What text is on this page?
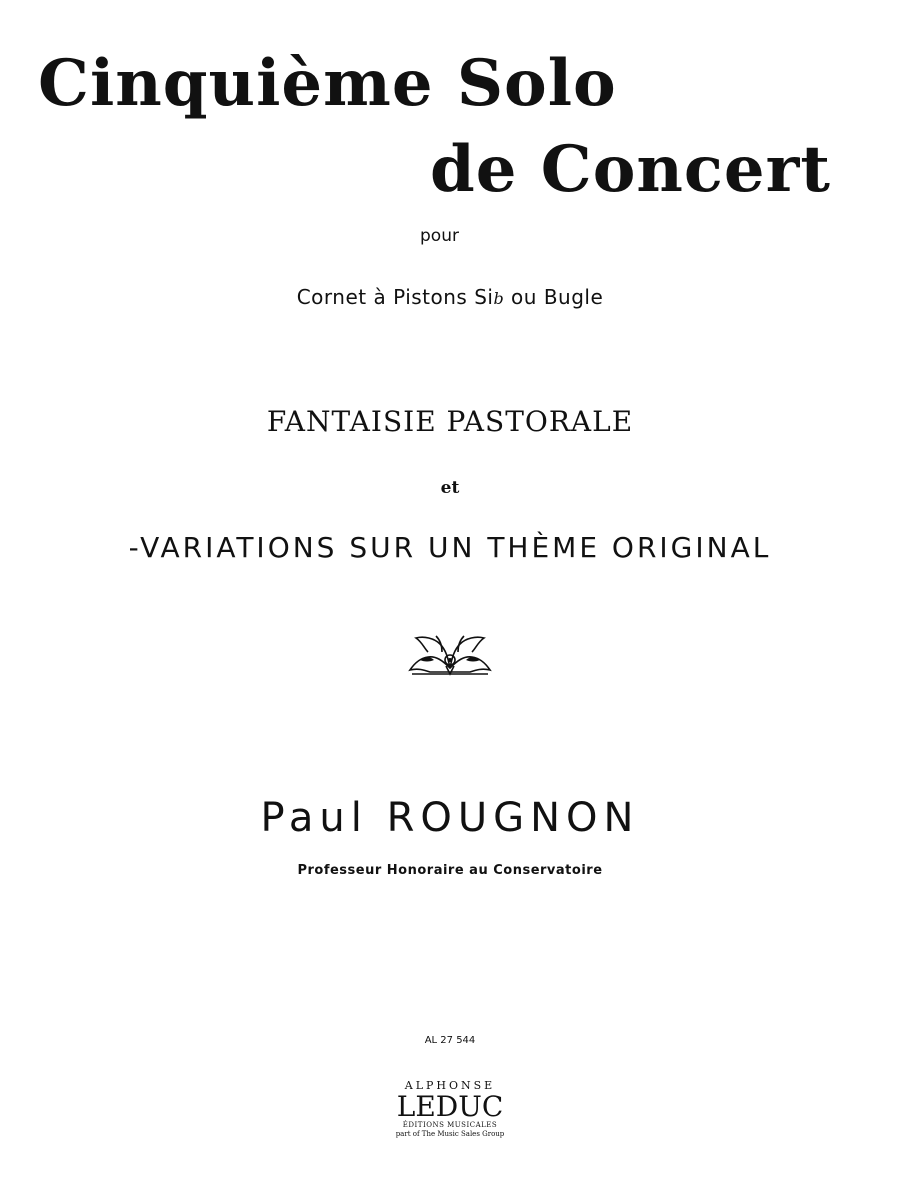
Cinquième Solo
de Concert
pour
Cornet à Pistons Sib ou Bugle
FANTAISIE PASTORALE
et
-VARIATIONS SUR UN THÈME ORIGINAL
Paul ROUGNON
Professeur Honoraire au Conservatoire
AL 27 544
ALPHONSE
LEDUC
ÉDITIONS MUSICALES
part of The Music Sales Group
